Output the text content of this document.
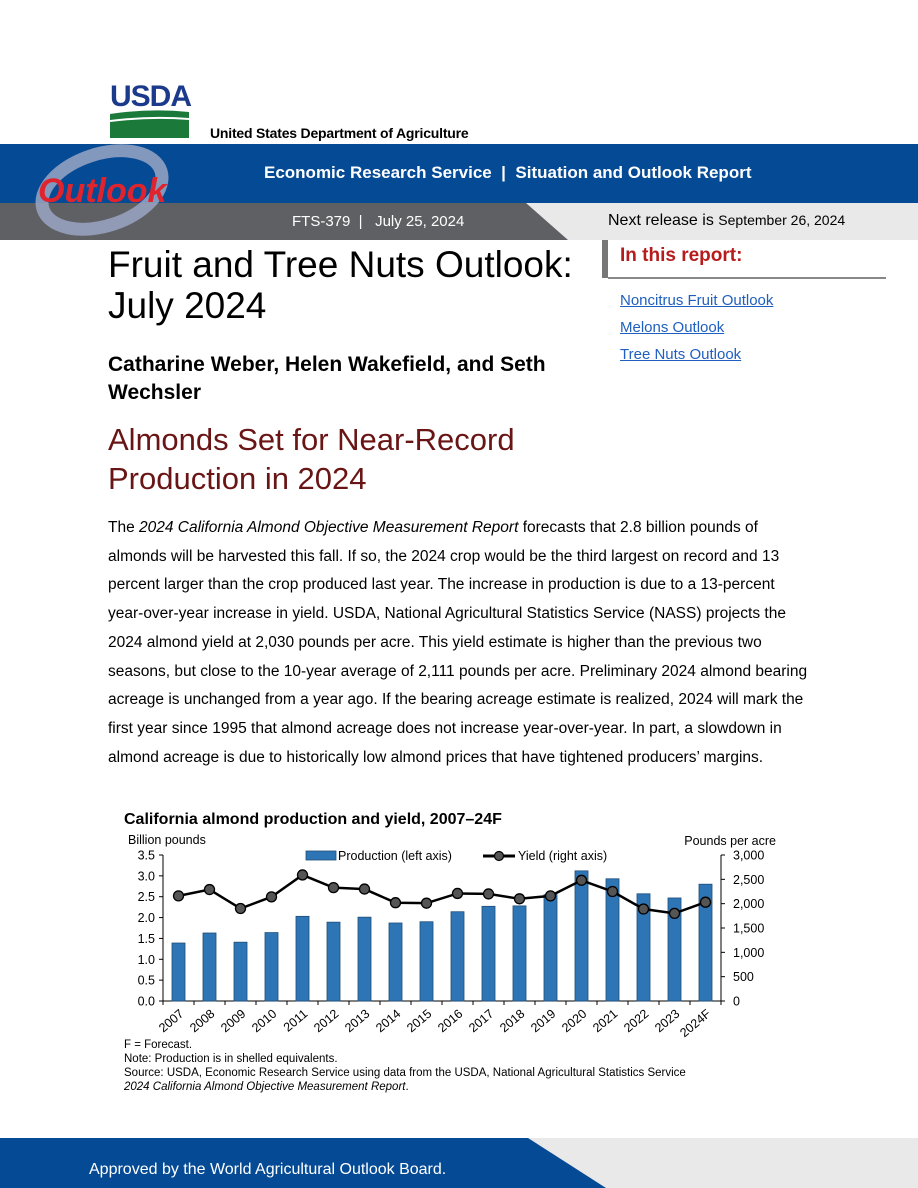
USDA
United States Department of Agriculture
Economic Research Service  |  Situation and Outlook Report
FTS-379  |   July 25, 2024	Next release is September 26, 2024
Outlook
Fruit and Tree Nuts Outlook: July 2024
Catharine Weber, Helen Wakefield, and Seth Wechsler
Almonds Set for Near-Record Production in 2024
In this report:
Noncitrus Fruit Outlook
Melons Outlook
Tree Nuts Outlook
The 2024 California Almond Objective Measurement Report forecasts that 2.8 billion pounds of almonds will be harvested this fall. If so, the 2024 crop would be the third largest on record and 13 percent larger than the crop produced last year. The increase in production is due to a 13-percent year-over-year increase in yield. USDA, National Agricultural Statistics Service (NASS) projects the 2024 almond yield at 2,030 pounds per acre. This yield estimate is higher than the previous two seasons, but close to the 10-year average of 2,111 pounds per acre. Preliminary 2024 almond bearing acreage is unchanged from a year ago. If the bearing acreage estimate is realized, 2024 will mark the first year since 1995 that almond acreage does not increase year-over-year. In part, a slowdown in almond acreage is due to historically low almond prices that have tightened producers’ margins.
California almond production and yield, 2007–24F
Billion pounds	Pounds per acre
Production (left axis)	Yield (right axis)
0.0
0.5
1.0
1.5
2.0
2.5
3.0
3.5
0
500
1,000
1,500
2,000
2,500
3,000
2007 2008 2009 2010 2011 2012 2013 2014 2015 2016 2017 2018 2019 2020 2021 2022 2023
2024F
F = Forecast.
Note: Production is in shelled equivalents.
Source: USDA, Economic Research Service using data from the USDA, National Agricultural Statistics Service
2024 California Almond Objective Measurement Report.
Approved by the World Agricultural Outlook Board.
